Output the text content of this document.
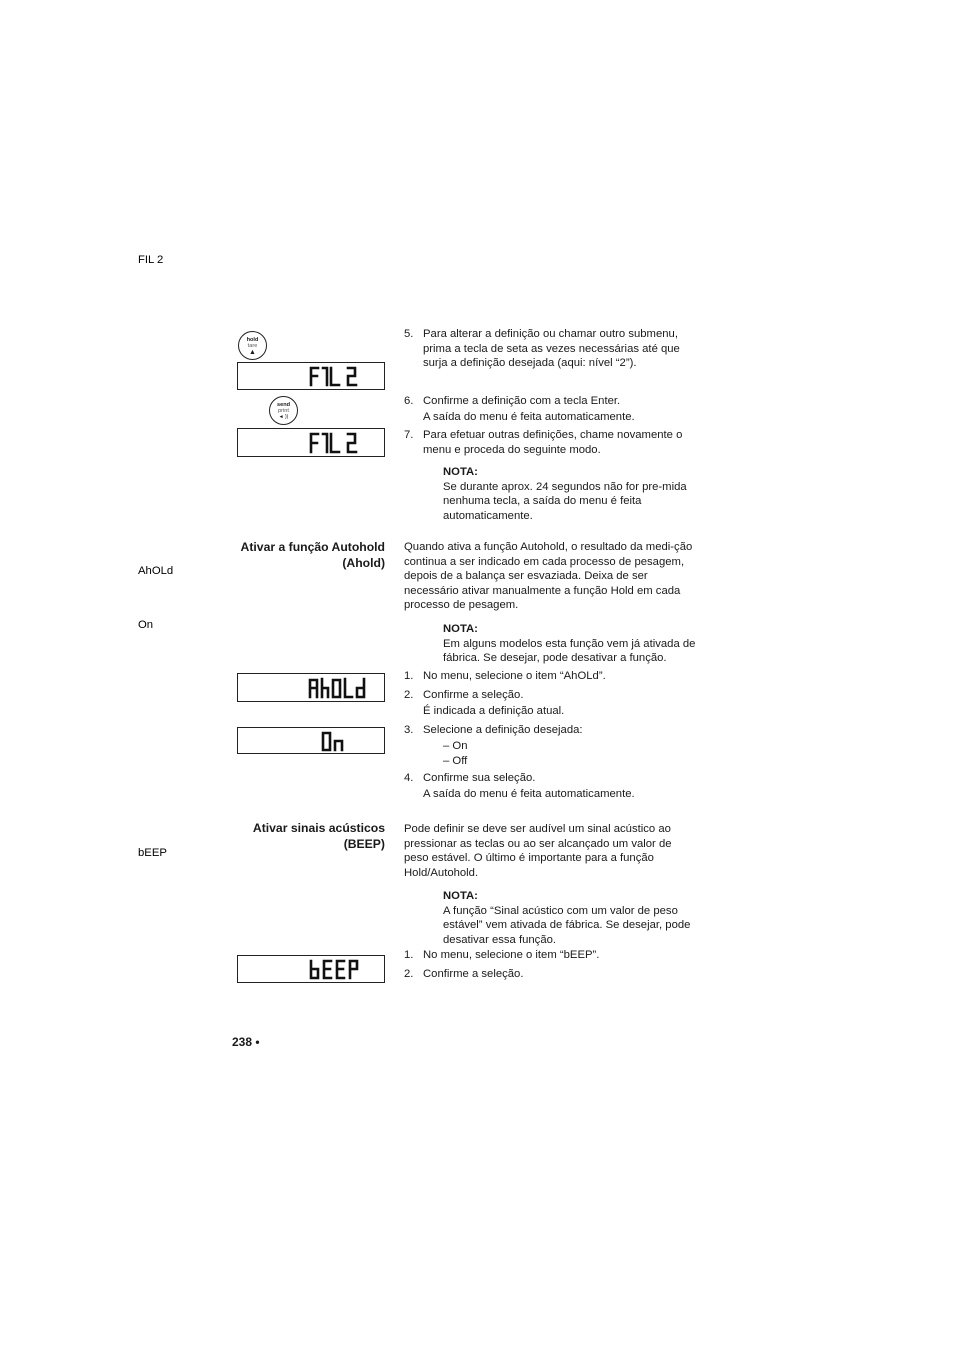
hold
tare
▲
FIL 2
send
print
◄ ))
5. Para alterar a definição ou chamar outro submenu, prima a tecla de seta as vezes necessárias até que surja a definição desejada (aqui: nível “2”).
6. Confirme a definição com a tecla Enter.
A saída do menu é feita automaticamente.
7. Para efetuar outras definições, chame novamente o menu e proceda do seguinte modo.
NOTA:
Se durante aprox. 24 segundos não for pre-mida nenhuma tecla, a saída do menu é feita automaticamente.
Ativar a função Autohold (Ahold)
Quando ativa a função Autohold, o resultado da medi-ção continua a ser indicado em cada processo de pesagem, depois de a balança ser esvaziada. Deixa de ser necessário ativar manualmente a função Hold em cada processo de pesagem.
NOTA:
Em alguns modelos esta função vem já ativada de fábrica. Se desejar, pode desativar a função.
AhOLd
1. No menu, selecione o item “AhOLd”.
2. Confirme a seleção.
É indicada a definição atual.
On
3. Selecione a definição desejada:
– On
– Off
4. Confirme sua seleção.
A saída do menu é feita automaticamente.
Ativar sinais acústicos (BEEP)
Pode definir se deve ser audível um sinal acústico ao pressionar as teclas ou ao ser alcançado um valor de peso estável. O último é importante para a função Hold/Autohold.
NOTA:
A função “Sinal acústico com um valor de peso estável” vem ativada de fábrica. Se desejar, pode desativar essa função.
bEEP
1. No menu, selecione o item “bEEP”.
2. Confirme a seleção.
238 •
